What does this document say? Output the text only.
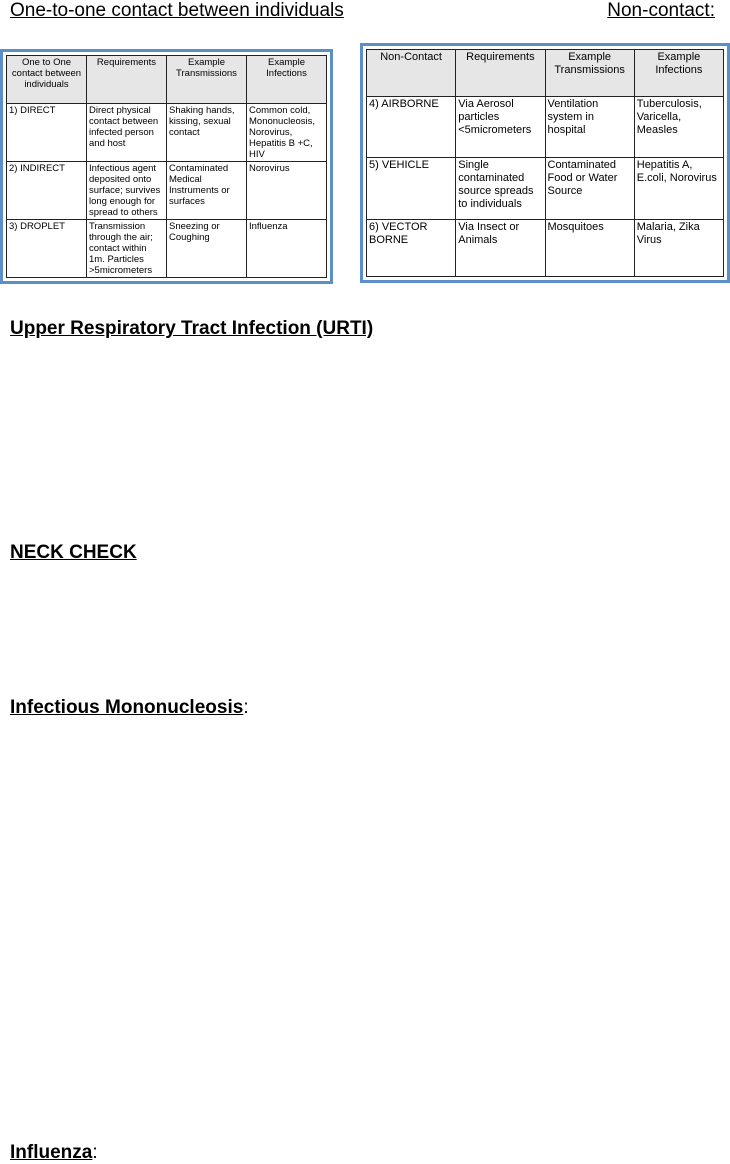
One-to-one contact between individuals	Non-contact:
One to One contact between individuals	Requirements	Example Transmissions	Example Infections
1) DIRECT	Direct physical contact between infected person and host	Shaking hands, kissing, sexual contact	Common cold, Mononucleosis, Norovirus, Hepatitis B +C, HIV
2) INDIRECT	Infectious agent deposited onto surface; survives long enough for spread to others	Contaminated Medical Instruments or surfaces	Norovirus
3) DROPLET	Transmission through the air; contact within 1m. Particles >5micrometers	Sneezing or Coughing	Influenza
Non-Contact	Requirements	Example Transmissions	Example Infections
4) AIRBORNE	Via Aerosol particles <5micrometers	Ventilation system in hospital	Tuberculosis, Varicella, Measles
5) VEHICLE	Single contaminated source spreads to individuals	Contaminated Food or Water Source	Hepatitis A, E.coli, Norovirus
6) VECTOR BORNE	Via Insect or Animals	Mosquitoes	Malaria, Zika Virus
Upper Respiratory Tract Infection (URTI)
NECK CHECK
Infectious Mononucleosis:
Influenza:
